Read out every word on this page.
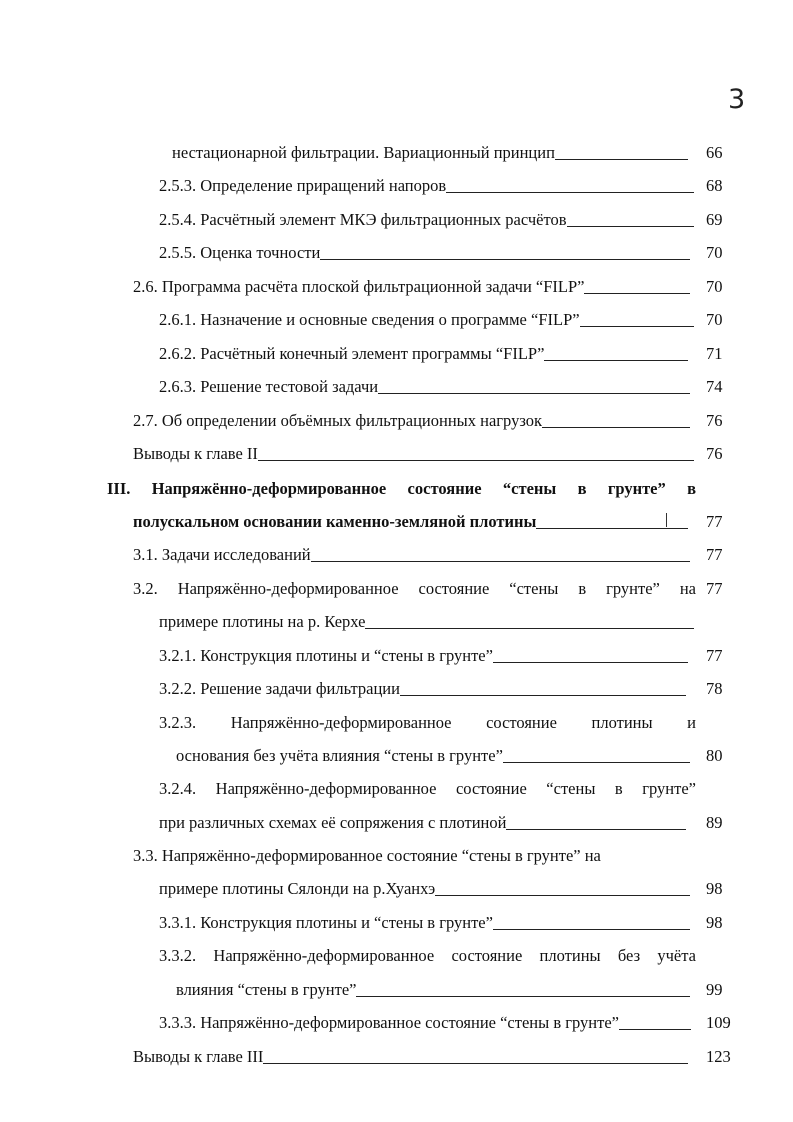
3
нестационарной фильтрации. Вариационный принцип	66
2.5.3. Определение приращений напоров	68
2.5.4. Расчётный элемент МКЭ фильтрационных расчётов	69
2.5.5. Оценка точности	70
2.6. Программа расчёта плоской фильтрационной задачи “FILP”	70
2.6.1. Назначение и основные сведения о программе “FILP”	70
2.6.2. Расчётный конечный элемент программы “FILP”	71
2.6.3. Решение тестовой задачи	74
2.7. Об определении объёмных фильтрационных нагрузок	76
Выводы к главе II	76
III. Напряжённо-деформированное состояние “стены в грунте” в
полускальном основании каменно-земляной плотины	77
3.1. Задачи исследований	77
3.2. Напряжённо-деформированное состояние “стены в грунте” на 77
примере плотины на р. Керхе
3.2.1. Конструкция плотины и “стены в грунте”	77
3.2.2. Решение задачи фильтрации	78
3.2.3. Напряжённо-деформированное состояние плотины и
основания без учёта влияния “стены в грунте”	80
3.2.4. Напряжённо-деформированное состояние “стены в грунте”
при различных схемах её сопряжения с плотиной	89
3.3. Напряжённо-деформированное состояние “стены в грунте” на
примере плотины Сялонди на р.Хуанхэ	98
3.3.1. Конструкция плотины и “стены в грунте”	98
3.3.2. Напряжённо-деформированное состояние плотины без учёта
влияния “стены в грунте”	99
3.3.3. Напряжённо-деформированное состояние “стены в грунте”	109
Выводы к главе III	123
